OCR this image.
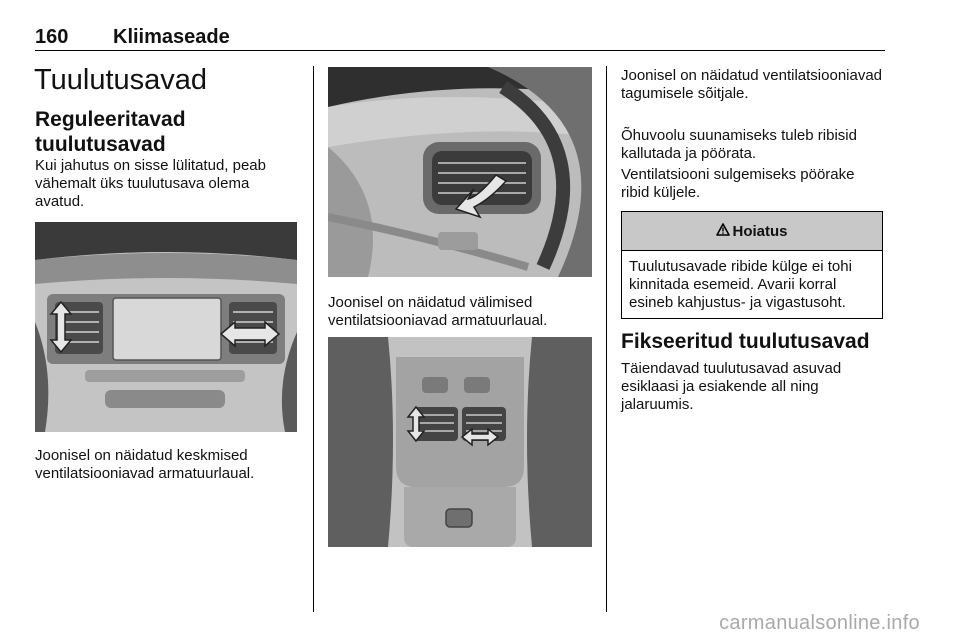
160 Kliimaseade
Tuulutusavad
Reguleeritavad tuulutusavad

Kui jahutus on sisse lülitatud, peab vähemalt üks tuulutusava olema avatud.

Joonisel on näidatud keskmised ventilatsiooniavad armatuurlaual.

Joonisel on näidatud välimised ventilatsiooniavad armatuurlaual.

Joonisel on näidatud ventilatsiooniavad tagumisele sõitjale.

Õhuvoolu suunamiseks tuleb ribisid kallutada ja pöörata.

Ventilatsiooni sulgemiseks pöörake ribid küljele.

Hoiatus
Tuulutusavade ribide külge ei tohi kinnitada esemeid. Avarii korral esineb kahjustus- ja vigastusoht.
Fikseeritud tuulutusavad

Täiendavad tuulutusavad asuvad esiklaasi ja esiakende all ning jalaruumis.

carmanualsonline.info
